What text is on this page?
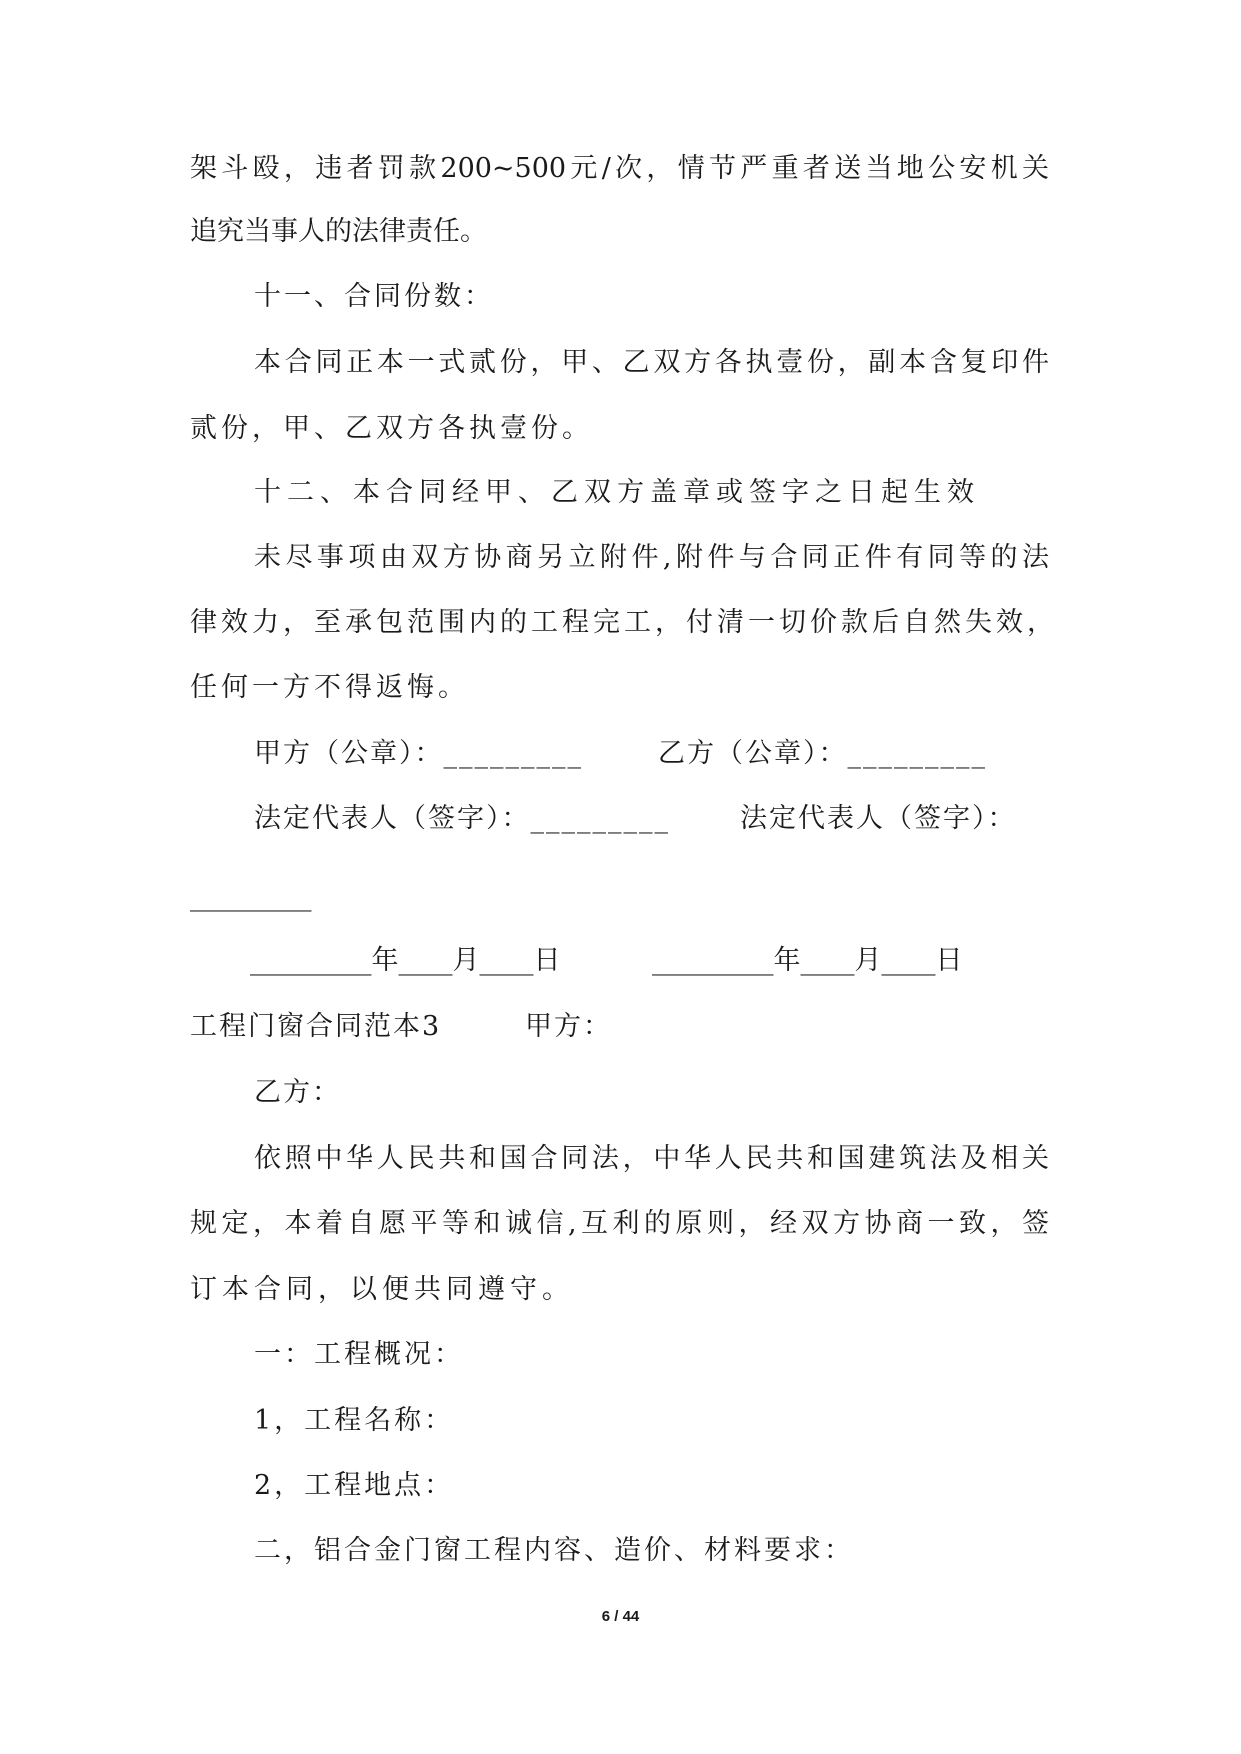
架斗殴，违者罚款200~500元/次，情节严重者送当地公安机关
追究当事人的法律责任。
十一、合同份数：
本合同正本一式贰份，甲、乙双方各执壹份，副本含复印件
贰份，甲、乙双方各执壹份。
十二、本合同经甲、乙双方盖章或签字之日起生效
未尽事项由双方协商另立附件,附件与合同正件有同等的法
律效力，至承包范围内的工程完工，付清一切价款后自然失效，
任何一方不得返悔。
甲方（公章）：_________	乙方（公章）：_________
法定代表人（签字）：_________	法定代表人（签字）：
_________
_________年____月____日	_________年____月____日
工程门窗合同范本3	甲方：
乙方：
依照中华人民共和国合同法，中华人民共和国建筑法及相关
规定，本着自愿平等和诚信,互利的原则，经双方协商一致，签
订本合同，以便共同遵守。
一：工程概况：
1，工程名称：
2，工程地点：
二，铝合金门窗工程内容、造价、材料要求：
6 / 44
